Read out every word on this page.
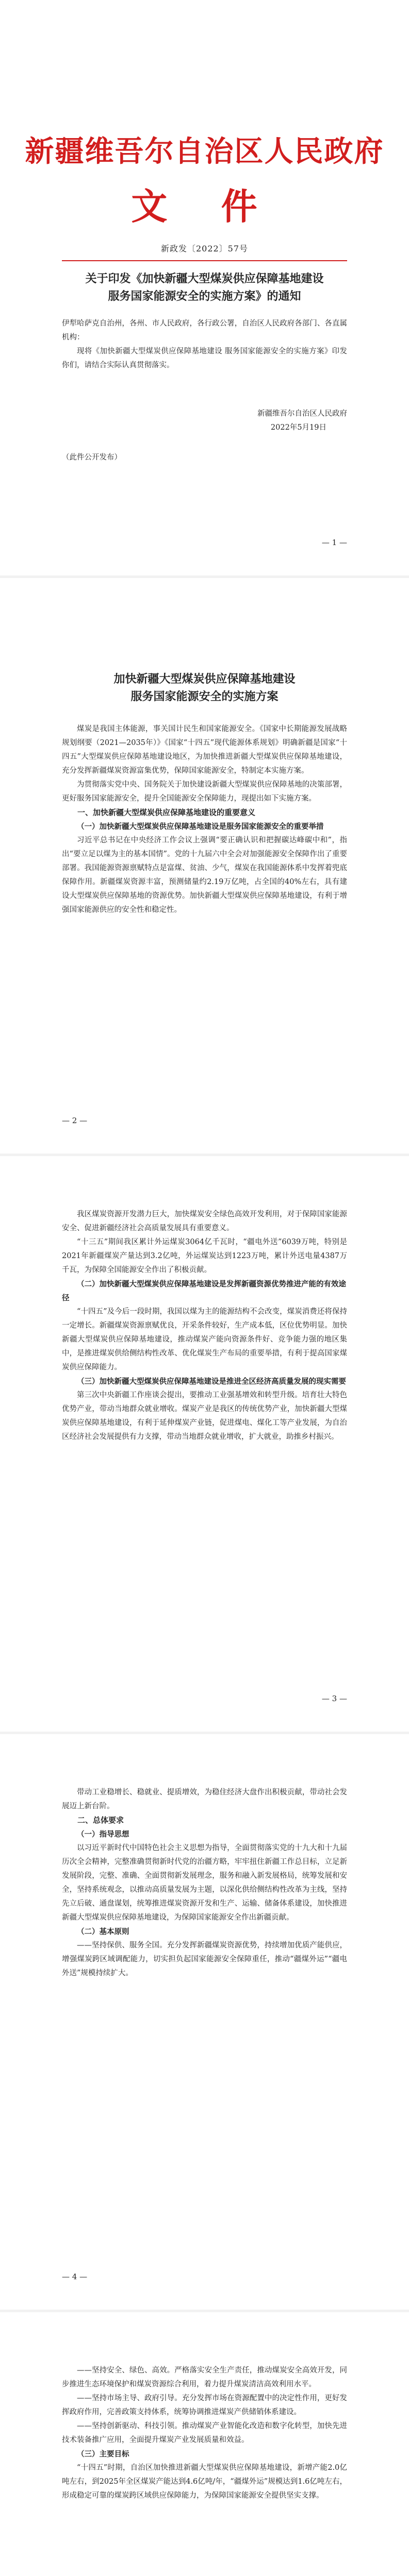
新疆维吾尔自治区人民政府
文 件
新政发〔2022〕57号
关于印发《加快新疆大型煤炭供应保障基地建设
服务国家能源安全的实施方案》的通知

伊犁哈萨克自治州，各州、市人民政府，各行政公署，自治区人民政府各部门、各直属机构：

现将《加快新疆大型煤炭供应保障基地建设 服务国家能源安全的实施方案》印发你们，请结合实际认真贯彻落实。

新疆维吾尔自治区人民政府

2022年5月19日

（此件公开发布）

— 1 —
加快新疆大型煤炭供应保障基地建设
服务国家能源安全的实施方案

煤炭是我国主体能源，事关国计民生和国家能源安全。《国家中长期能源发展战略规划纲要（2021—2035年）》《国家“十四五”现代能源体系规划》明确新疆是国家“十四五”大型煤炭供应保障基地建设地区，为加快推进新疆大型煤炭供应保障基地建设，充分发挥新疆煤炭资源富集优势，保障国家能源安全，特制定本实施方案。

为贯彻落实党中央、国务院关于加快建设新疆大型煤炭供应保障基地的决策部署，更好服务国家能源安全，提升全国能源安全保障能力，现提出如下实施方案。

一、加快新疆大型煤炭供应保障基地建设的重要意义

（一）加快新疆大型煤炭供应保障基地建设是服务国家能源安全的重要举措

习近平总书记在中央经济工作会议上强调“要正确认识和把握碳达峰碳中和”，指出“要立足以煤为主的基本国情”。党的十九届六中全会对加强能源安全保障作出了重要部署。我国能源资源禀赋特点是富煤、贫油、少气，煤炭在我国能源体系中发挥着兜底保障作用。新疆煤炭资源丰富，预测储量约2.19万亿吨，占全国的40%左右，具有建设大型煤炭供应保障基地的资源优势。加快新疆大型煤炭供应保障基地建设，有利于增强国家能源供应的安全性和稳定性。

— 2 —

我区煤炭资源开发潜力巨大，加快煤炭安全绿色高效开发利用，对于保障国家能源安全、促进新疆经济社会高质量发展具有重要意义。

“十三五”期间我区累计外运煤炭3064亿千瓦时，“疆电外送”6039万吨，特别是2021年新疆煤炭产量达到3.2亿吨，外运煤炭达到1223万吨，累计外送电量4387万千瓦，为保障全国能源安全作出了积极贡献。

（二）加快新疆大型煤炭供应保障基地建设是发挥新疆资源优势推进产能的有效途径

“十四五”及今后一段时期，我国以煤为主的能源结构不会改变，煤炭消费还将保持一定增长。新疆煤炭资源禀赋优良，开采条件较好，生产成本低，区位优势明显。加快新疆大型煤炭供应保障基地建设，推动煤炭产能向资源条件好、竞争能力强的地区集中，是推进煤炭供给侧结构性改革、优化煤炭生产布局的重要举措，有利于提高国家煤炭供应保障能力。

（三）加快新疆大型煤炭供应保障基地建设是推进全区经济高质量发展的现实需要

第三次中央新疆工作座谈会提出，要推动工业强基增效和转型升级。培育壮大特色优势产业，带动当地群众就业增收。煤炭产业是我区的传统优势产业，加快新疆大型煤炭供应保障基地建设，有利于延伸煤炭产业链，促进煤电、煤化工等产业发展，为自治区经济社会发展提供有力支撑，带动当地群众就业增收，扩大就业，助推乡村振兴。

— 3 —

带动工业稳增长、稳就业、提质增效，为稳住经济大盘作出积极贡献，带动社会发展迈上新台阶。

二、总体要求

（一）指导思想

以习近平新时代中国特色社会主义思想为指导，全面贯彻落实党的十九大和十九届历次全会精神，完整准确贯彻新时代党的治疆方略，牢牢扭住新疆工作总目标，立足新发展阶段，完整、准确、全面贯彻新发展理念，服务和融入新发展格局，统筹发展和安全，坚持系统观念，以推动高质量发展为主题，以深化供给侧结构性改革为主线，坚持先立后破、通盘谋划，统筹推进煤炭资源开发和生产、运输、储备体系建设，加快推进新疆大型煤炭供应保障基地建设，为保障国家能源安全作出新疆贡献。

（二）基本原则

——坚持保供、服务全国。充分发挥新疆煤炭资源优势，持续增加优质产能供应，增强煤炭跨区域调配能力，切实担负起国家能源安全保障重任，推动“疆煤外运”“疆电外送”规模持续扩大。

— 4 —

——坚持安全、绿色、高效。严格落实安全生产责任，推动煤炭安全高效开发，同步推进生态环境保护和煤炭资源综合利用，着力提升煤炭清洁高效利用水平。

——坚持市场主导、政府引导。充分发挥市场在资源配置中的决定性作用，更好发挥政府作用，完善政策支持体系，统筹协调推进煤炭产供储销体系建设。

——坚持创新驱动、科技引领。推动煤炭产业智能化改造和数字化转型，加快先进技术装备推广应用，全面提升煤炭产业发展质量和效益。

（三）主要目标

“十四五”时期，自治区加快推进新疆大型煤炭供应保障基地建设，新增产能2.0亿吨左右，到2025年全区煤炭产能达到4.6亿吨/年，“疆煤外运”规模达到1.6亿吨左右，形成稳定可靠的煤炭跨区域供应保障能力，为保障国家能源安全提供坚实支撑。
